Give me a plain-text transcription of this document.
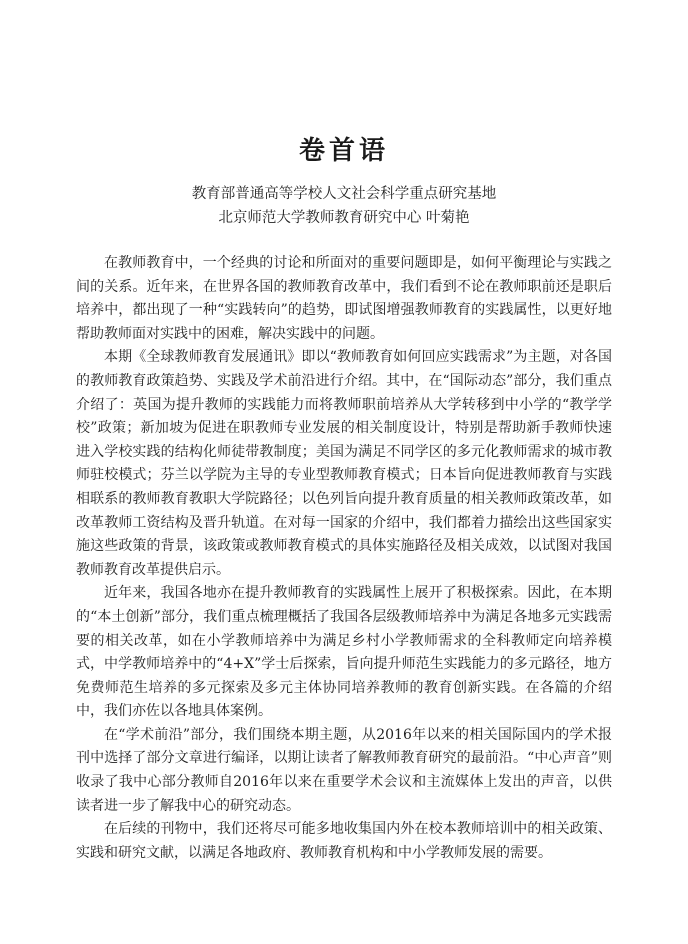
卷首语
教育部普通高等学校人文社会科学重点研究基地
北京师范大学教师教育研究中心 叶菊艳

在教师教育中，一个经典的讨论和所面对的重要问题即是，如何平衡理论与实践之间的关系。近年来，在世界各国的教师教育改革中，我们看到不论在教师职前还是职后培养中，都出现了一种“实践转向”的趋势，即试图增强教师教育的实践属性，以更好地帮助教师面对实践中的困难，解决实践中的问题。

本期《全球教师教育发展通讯》即以“教师教育如何回应实践需求”为主题，对各国的教师教育政策趋势、实践及学术前沿进行介绍。其中，在“国际动态”部分，我们重点介绍了：英国为提升教师的实践能力而将教师职前培养从大学转移到中小学的“教学学校”政策；新加坡为促进在职教师专业发展的相关制度设计，特别是帮助新手教师快速进入学校实践的结构化师徒带教制度；美国为满足不同学区的多元化教师需求的城市教师驻校模式；芬兰以学院为主导的专业型教师教育模式；日本旨向促进教师教育与实践相联系的教师教育教职大学院路径；以色列旨向提升教育质量的相关教师政策改革，如改革教师工资结构及晋升轨道。在对每一国家的介绍中，我们都着力描绘出这些国家实施这些政策的背景，该政策或教师教育模式的具体实施路径及相关成效，以试图对我国教师教育改革提供启示。

近年来，我国各地亦在提升教师教育的实践属性上展开了积极探索。因此，在本期的“本土创新”部分，我们重点梳理概括了我国各层级教师培养中为满足各地多元实践需要的相关改革，如在小学教师培养中为满足乡村小学教师需求的全科教师定向培养模式，中学教师培养中的“4+X”学士后探索，旨向提升师范生实践能力的多元路径，地方免费师范生培养的多元探索及多元主体协同培养教师的教育创新实践。在各篇的介绍中，我们亦佐以各地具体案例。

在“学术前沿”部分，我们围绕本期主题，从2016年以来的相关国际国内的学术报刊中选择了部分文章进行编译，以期让读者了解教师教育研究的最前沿。“中心声音”则收录了我中心部分教师自2016年以来在重要学术会议和主流媒体上发出的声音，以供读者进一步了解我中心的研究动态。

在后续的刊物中，我们还将尽可能多地收集国内外在校本教师培训中的相关政策、实践和研究文献，以满足各地政府、教师教育机构和中小学教师发展的需要。
